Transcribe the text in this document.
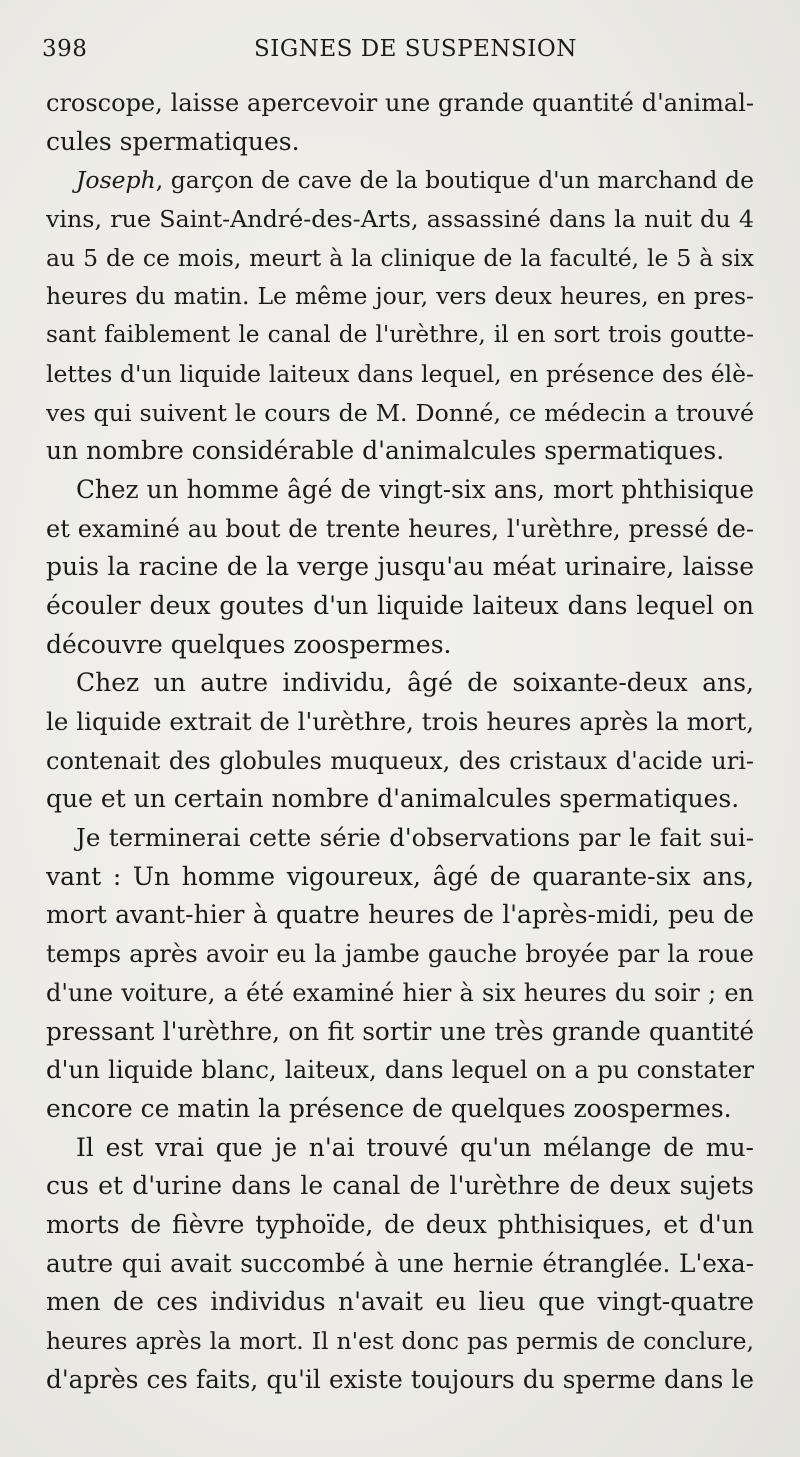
398	SIGNES DE SUSPENSION
croscope, laisse apercevoir une grande quantité d'animal-
cules spermatiques.
Joseph, garçon de cave de la boutique d'un marchand de
vins, rue Saint-André-des-Arts, assassiné dans la nuit du 4
au 5 de ce mois, meurt à la clinique de la faculté, le 5 à six
heures du matin. Le même jour, vers deux heures, en pres-
sant faiblement le canal de l'urèthre, il en sort trois goutte-
lettes d'un liquide laiteux dans lequel, en présence des élè-
ves qui suivent le cours de M. Donné, ce médecin a trouvé
un nombre considérable d'animalcules spermatiques.
Chez un homme âgé de vingt-six ans, mort phthisique
et examiné au bout de trente heures, l'urèthre, pressé de-
puis la racine de la verge jusqu'au méat urinaire, laisse
écouler deux goutes d'un liquide laiteux dans lequel on
découvre quelques zoospermes.
Chez un autre individu, âgé de soixante-deux ans,
le liquide extrait de l'urèthre, trois heures après la mort,
contenait des globules muqueux, des cristaux d'acide uri-
que et un certain nombre d'animalcules spermatiques.
Je terminerai cette série d'observations par le fait sui-
vant : Un homme vigoureux, âgé de quarante-six ans,
mort avant-hier à quatre heures de l'après-midi, peu de
temps après avoir eu la jambe gauche broyée par la roue
d'une voiture, a été examiné hier à six heures du soir ; en
pressant l'urèthre, on fit sortir une très grande quantité
d'un liquide blanc, laiteux, dans lequel on a pu constater
encore ce matin la présence de quelques zoospermes.
Il est vrai que je n'ai trouvé qu'un mélange de mu-
cus et d'urine dans le canal de l'urèthre de deux sujets
morts de fièvre typhoïde, de deux phthisiques, et d'un
autre qui avait succombé à une hernie étranglée. L'exa-
men de ces individus n'avait eu lieu que vingt-quatre
heures après la mort. Il n'est donc pas permis de conclure,
d'après ces faits, qu'il existe toujours du sperme dans le
